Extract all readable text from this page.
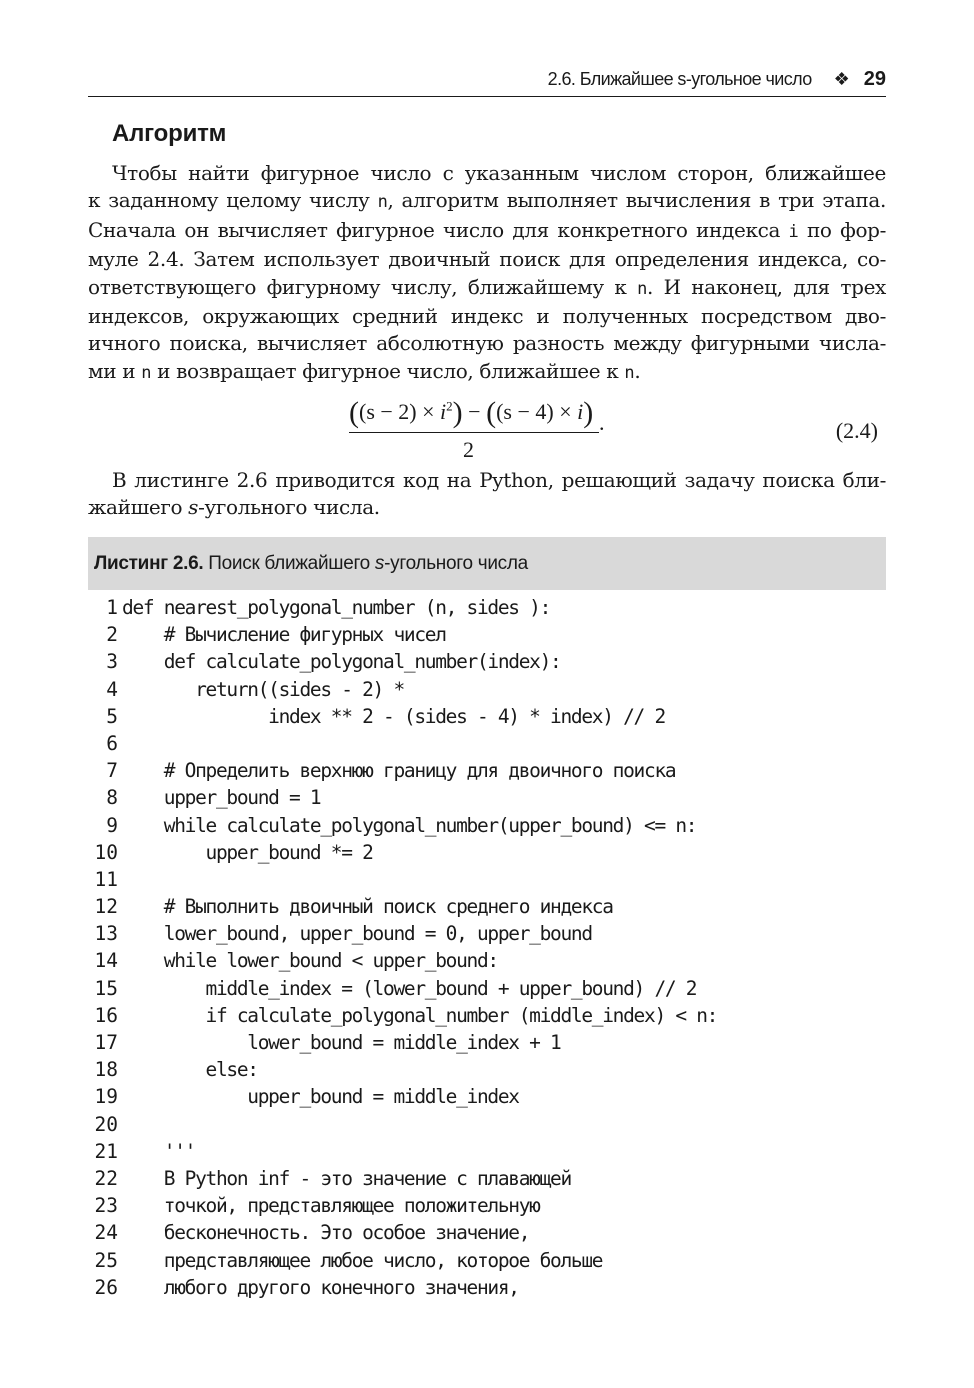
2.6. Ближайшее s-угольное число ❖ 29
Алгоритм
Чтобы найти фигурное число с указанным числом сторон, ближайшее
к заданному целому числу n, алгоритм выполняет вычисления в три этапа.
Сначала он вычисляет фигурное число для конкретного индекса i по фор-
муле 2.4. Затем использует двоичный поиск для определения индекса, со-
ответствующего фигурному числу, ближайшему к n. И наконец, для трех
индексов, окружающих средний индекс и полученных посредством дво-
ичного поиска, вычисляет абсолютную разность между фигурными числа-
ми и n и возвращает фигурное число, ближайшее к n.
$((s - 2) \times i^2) - ((s - 4) \times i)$
2
.	(2.4)
В листинге 2.6 приводится код на Python, решающий задачу поиска бли-
жайшего s-угольного числа.
Листинг 2.6. Поиск ближайшего s-угольного числа
1 def nearest_polygonal_number (n, sides ):
2 # Вычисление фигурных чисел
3 def calculate_polygonal_number(index):
4 return((sides - 2) *
5 index ** 2 - (sides - 4) * index) // 2
6
7 # Определить верхнюю границу для двоичного поиска
8 upper_bound = 1
9 while calculate_polygonal_number(upper_bound) <= n:
10 upper_bound *= 2
11
12 # Выполнить двоичный поиск среднего индекса
13 lower_bound, upper_bound = 0, upper_bound
14 while lower_bound < upper_bound:
15 middle_index = (lower_bound + upper_bound) // 2
16 if calculate_polygonal_number (middle_index) < n:
17 lower_bound = middle_index + 1
18 else:
19 upper_bound = middle_index
20
21 '''
22 В Python inf - это значение с плавающей
23 точкой, представляющее положительную
24 бесконечность. Это особое значение,
25 представляющее любое число, которое больше
26 любого другого конечного значения,
